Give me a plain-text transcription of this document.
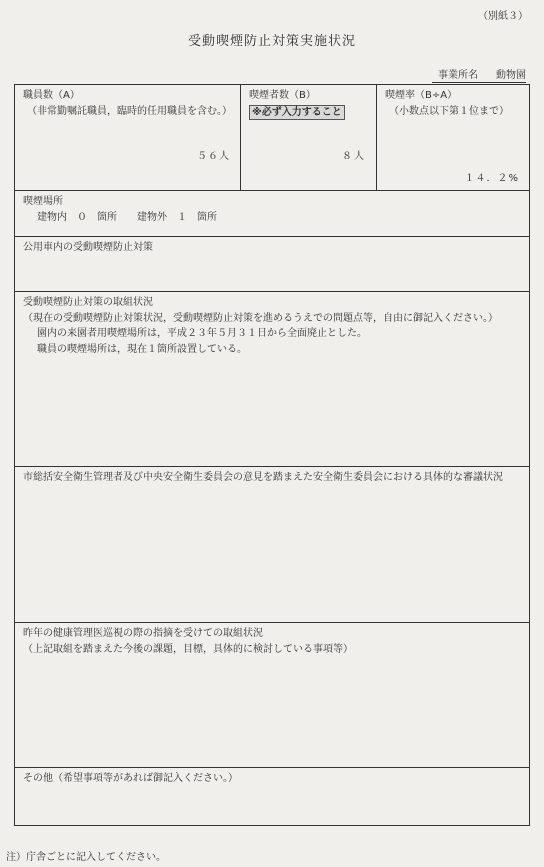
（別紙３）
受動喫煙防止対策実施状況
事業所名 動物園
職員数（A）
（非常勤嘱託職員，臨時的任用職員を含む。）
５６人
喫煙者数（B）
※必ず入力すること
８人
喫煙率（B÷A）
（小数点以下第１位まで）
１４．２%
喫煙場所
建物内　０　箇所　　建物外　１　箇所
公用車内の受動喫煙防止対策
受動喫煙防止対策の取組状況
（現在の受動喫煙防止対策状況，受動喫煙防止対策を進めるうえでの問題点等，自由に御記入ください。）
園内の来園者用喫煙場所は，平成２３年５月３１日から全面廃止とした。
職員の喫煙場所は，現在１箇所設置している。
市総括安全衛生管理者及び中央安全衛生委員会の意見を踏まえた安全衛生委員会における具体的な審議状況
昨年の健康管理医巡視の際の指摘を受けての取組状況
（上記取組を踏まえた今後の課題，目標，具体的に検討している事項等）
その他（希望事項等があれば御記入ください。）
注）庁舎ごとに記入してください。
